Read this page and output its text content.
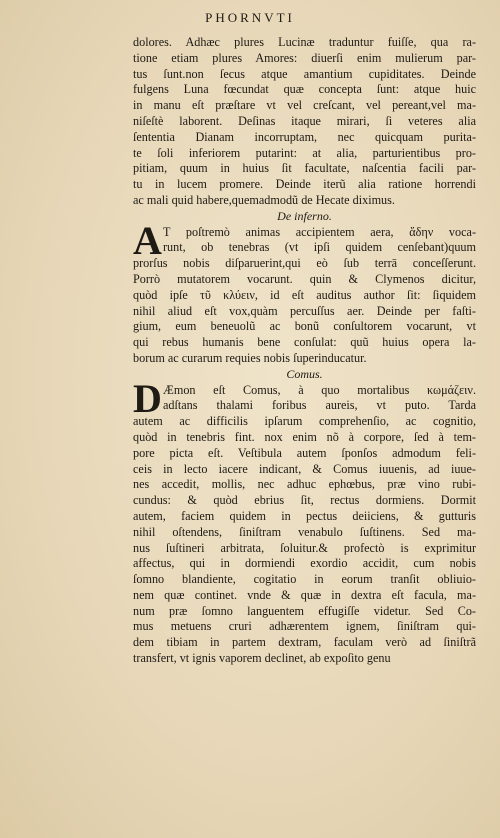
PHORNVTI
dolores. Adhæc plures Lucinæ traduntur fuiſſe, qua ra-
tione etiam plures Amores: diuerſi enim mulierum par-
tus ſunt.non ſecus atque amantium cupiditates. Deinde
fulgens Luna fœcundat quæ concepta ſunt: atque huic
in manu eſt præſtare vt vel creſcant, vel pereant,vel ma-
niſeſtè laborent. Deſinas itaque mirari, ſi veteres alia
ſententia Dianam incorruptam, nec quicquam purita-
te ſoli inferiorem putarint: at alia, parturientibus pro-
pitiam, quum in huius ſit facultate, naſcentia facili par-
tu in lucem promere. Deinde iterũ alia ratione horrendi
ac mali quid habere,quemadmodũ de Hecate diximus.
De inferno.
A T poſtremò animas accipientem aera, ἅδην voca-
runt, ob tenebras (vt ipſi quidem cenſebant)quum
prorſus nobis diſparuerint,qui eò ſub terrā conceſſerunt.
Porrò mutatorem vocarunt. quin & Clymenos dicitur,
quòd ipſe τῦ κλύειν, id eſt auditus author ſit: ſiquidem
nihil aliud eſt vox,quàm percuſſus aer. Deinde per faſti-
gium, eum beneuolũ ac bonũ conſultorem vocarunt, vt
qui rebus humanis bene conſulat: quũ huius opera la-
borum ac curarum requies nobis ſuperinducatur.
Comus.
D Æmon eſt Comus, à quo mortalibus κωμάζειν.
adſtans thalami foribus aureis, vt puto. Tarda
autem ac difficilis ipſarum comprehenſio, ac cognitio,
quòd in tenebris fint. nox enim nõ à corpore, ſed à tem-
pore picta eſt. Veſtibula autem ſponſos admodum feli-
ceis in lecto iacere indicant, & Comus iuuenis, ad iuue-
nes accedit, mollis, nec adhuc ephœbus, præ vino rubi-
cundus: & quòd ebrius ſit, rectus dormiens. Dormit
autem, faciem quidem in pectus deiiciens, & gutturis
nihil oſtendens, ſiniſtram venabulo ſuſtinens. Sed ma-
nus ſuſtineri arbitrata, ſoluitur.& profectò is exprimitur
affectus, qui in dormiendi exordio accidit, cum nobis
ſomno blandiente, cogitatio in eorum tranſit obliuio-
nem quæ continet. vnde & quæ in dextra eſt facula, ma-
num præ ſomno languentem effugiſſe videtur. Sed Co-
mus metuens cruri adhærentem ignem, ſiniſtram qui-
dem tibiam in partem dextram, faculam verò ad ſiniſtrã
transfert, vt ignis vaporem declinet, ab expoſito genu
